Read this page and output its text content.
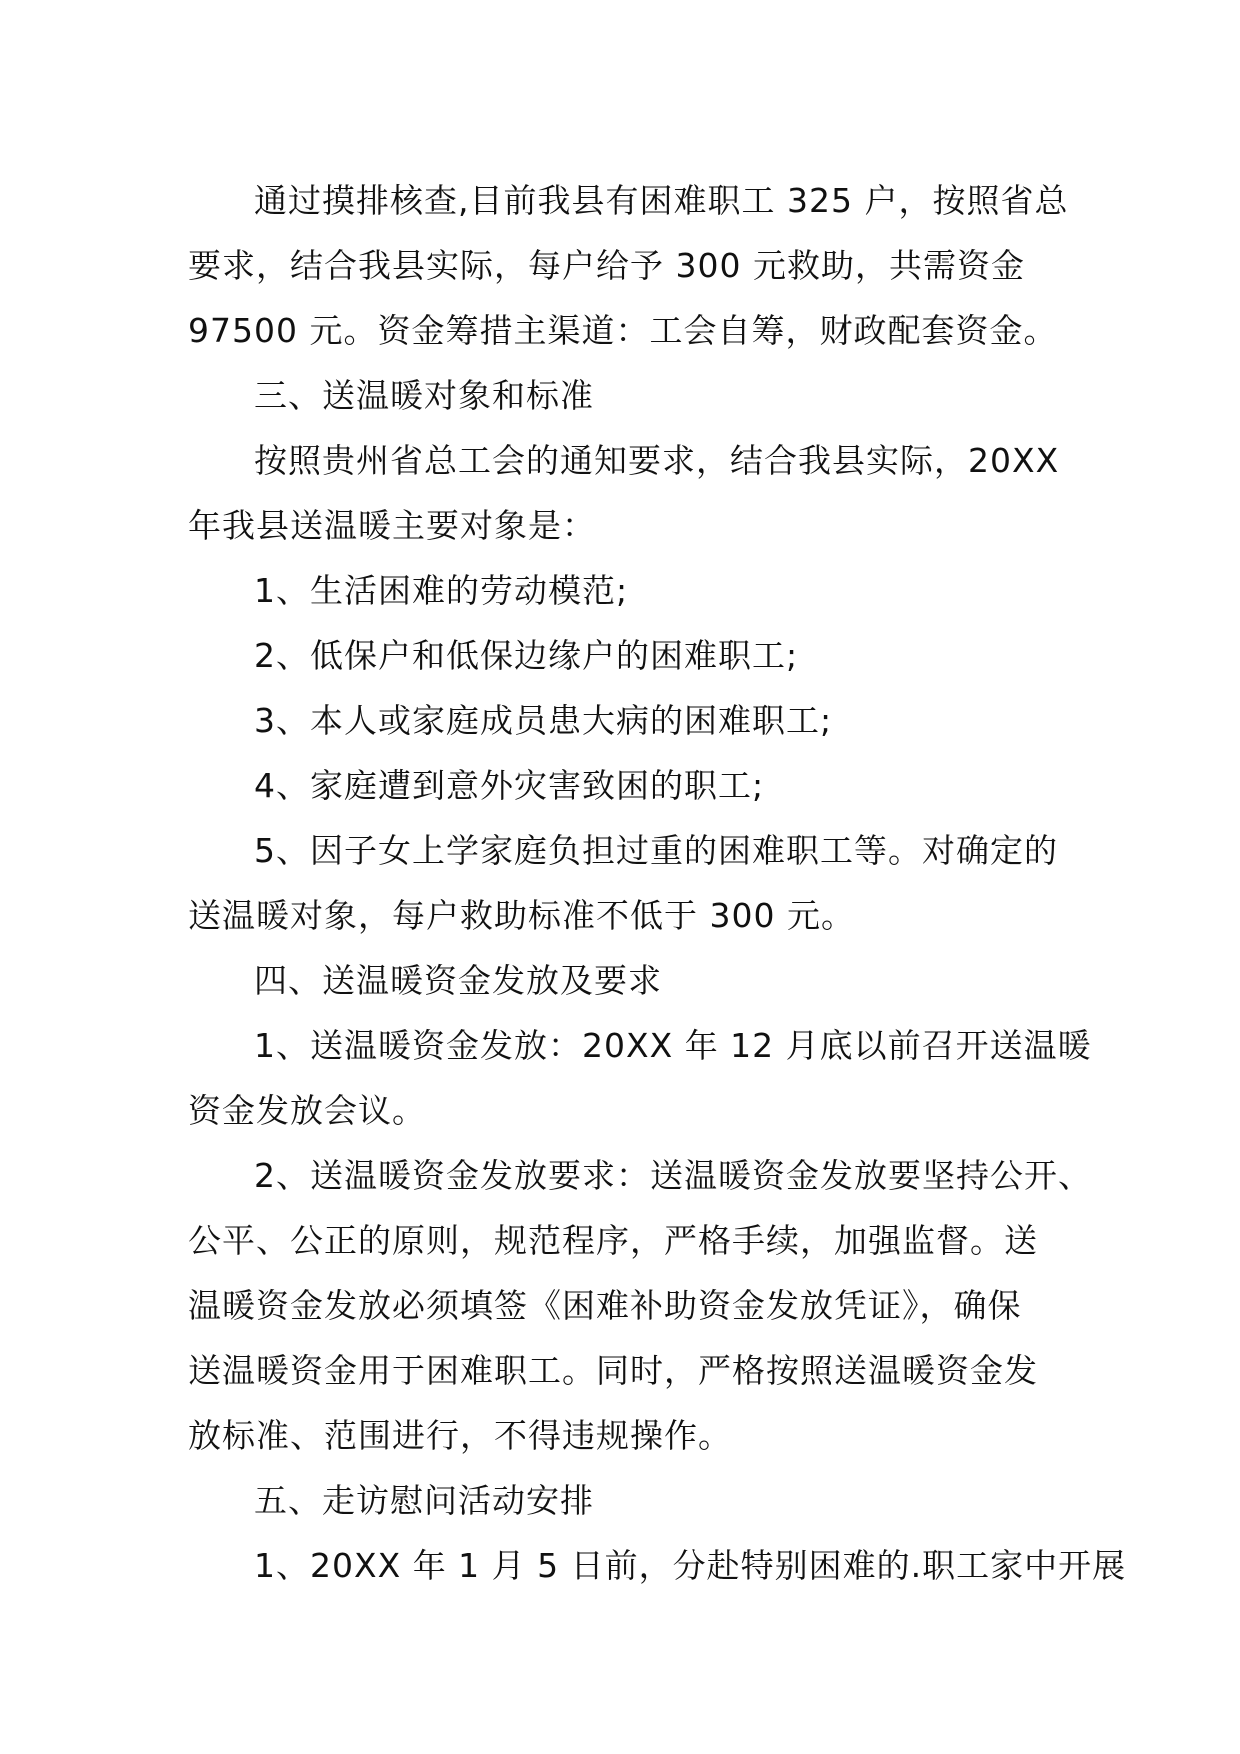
通过摸排核查,目前我县有困难职工 325 户，按照省总

要求，结合我县实际，每户给予 300 元救助，共需资金

97500 元。资金筹措主渠道：工会自筹，财政配套资金。

三、送温暖对象和标准

按照贵州省总工会的通知要求，结合我县实际，20XX

年我县送温暖主要对象是：

1、生活困难的劳动模范;

2、低保户和低保边缘户的困难职工;

3、本人或家庭成员患大病的困难职工;

4、家庭遭到意外灾害致困的职工;

5、因子女上学家庭负担过重的困难职工等。对确定的

送温暖对象，每户救助标准不低于 300 元。

四、送温暖资金发放及要求

1、送温暖资金发放：20XX 年 12 月底以前召开送温暖

资金发放会议。

2、送温暖资金发放要求：送温暖资金发放要坚持公开、

公平、公正的原则，规范程序，严格手续，加强监督。送

温暖资金发放必须填签《困难补助资金发放凭证》，确保

送温暖资金用于困难职工。同时，严格按照送温暖资金发

放标准、范围进行，不得违规操作。

五、走访慰问活动安排

1、20XX 年 1 月 5 日前，分赴特别困难的.职工家中开展
